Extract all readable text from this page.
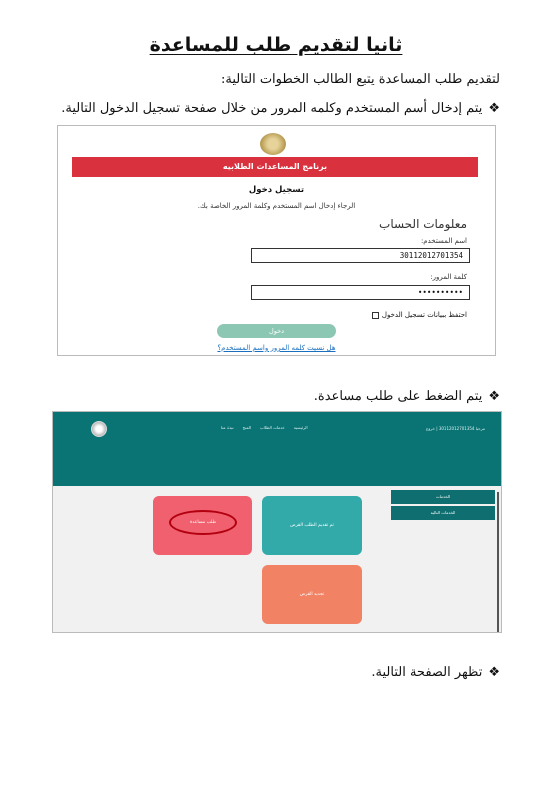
ثانيا لتقديم طلب للمساعدة
لتقديم طلب المساعدة يتبع الطالب الخطوات التالية:
❖
يتم إدخال أسم المستخدم وكلمه المرور من خلال صفحة تسجيل الدخول التالية.
برنامج المساعدات الطلابيه
تسجيل دخول
الرجاء إدخال اسم المستخدم وكلمة المرور الخاصة بك.
معلومات الحساب
اسم المستخدم:
30112012701354
كلمة المرور:
••••••••••
احتفظ ببيانات تسجيل الدخول
دخول
هل نسيت كلمه المرور واسم المستخدم؟
❖
يتم الضغط على طلب مساعدة.
الرئيسية
خدمات الطلاب
المنح
نبذة عنا	مرحبا 30112012701354 | خروج
الخدمات
الخدمات التالية
طلب مساعدة
تم تقديم الطلب القرض
تجديد القرض
❖
تظهر الصفحة التالية.
